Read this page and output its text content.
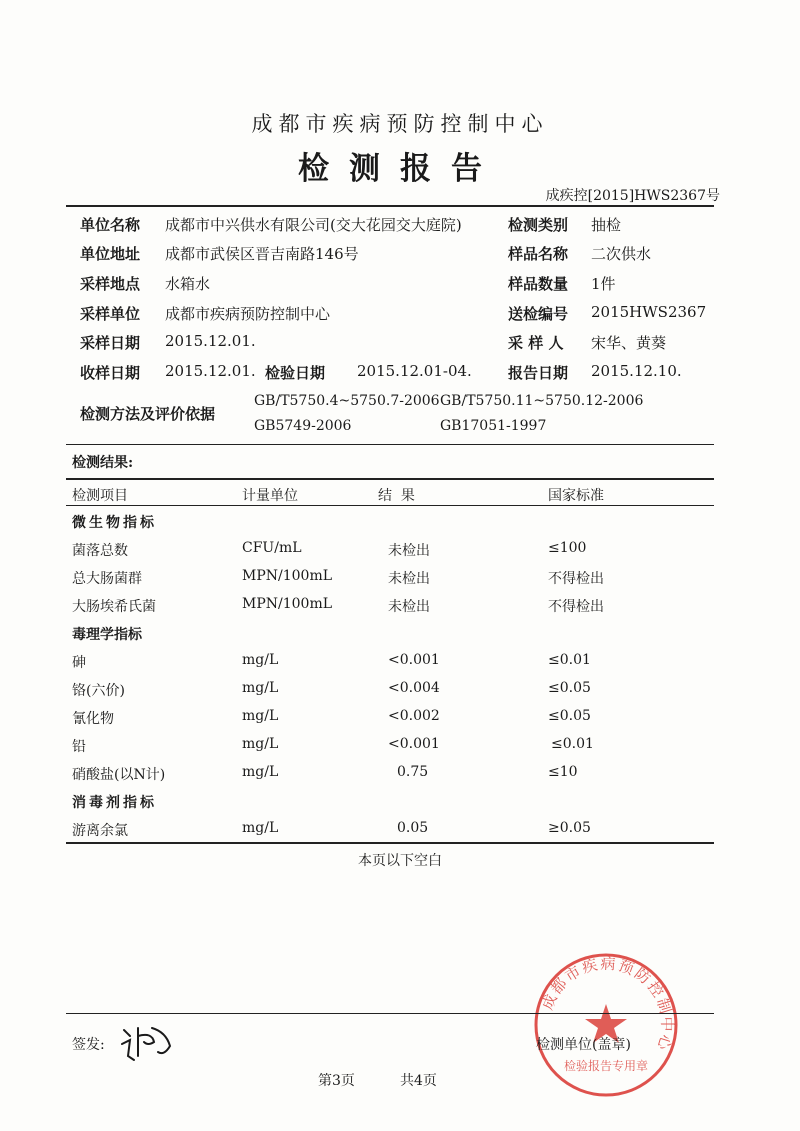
成都市疾病预防控制中心
检测报告
成疾控[2015]HWS2367号
单位名称 成都市中兴供水有限公司(交大花园交大庭院)	检测类别 抽检
单位地址 成都市武侯区晋吉南路146号	样品名称 二次供水
采样地点 水箱水	样品数量 1件
采样单位 成都市疾病预防控制中心	送检编号 2015HWS2367
采样日期 2015.12.01.	采 样 人 宋华、黄葵
收样日期 2015.12.01. 检验日期 2015.12.01-04. 报告日期 2015.12.10.
检测方法及评价依据
GB/T5750.4~5750.7-2006 GB/T5750.11~5750.12-2006
GB5749-2006	GB17051-1997
检测结果:
检测项目	计量单位	结  果	国家标准
微生物指标
菌落总数	CFU/mL	未检出	≤100
总大肠菌群	MPN/100mL	未检出	不得检出
大肠埃希氏菌	MPN/100mL	未检出	不得检出
毒理学指标
砷	mg/L	<0.001	≤0.01
铬(六价)	mg/L	<0.004	≤0.05
氰化物	mg/L	<0.002	≤0.05
铅	mg/L	<0.001	≤0.01
硝酸盐(以N计)	mg/L	0.75	≤10
消毒剂指标
游离余氯	mg/L	0.05	≥0.05
本页以下空白
成都市疾病预防控制中心
检验报告专用章
签发:	检测单位(盖章)
第3页	共4页
